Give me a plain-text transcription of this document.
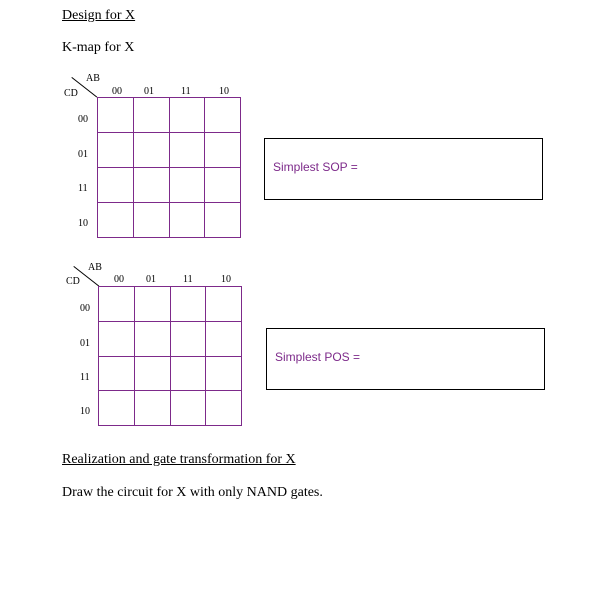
Design for X
K-map for X
AB
CD	00 01	11	10
00
01
11
10
Simplest SOP =
AB
CD	00 01	11	10
00
01
11
10
Simplest POS =
Realization and gate transformation for X
Draw the circuit for X with only NAND gates.
